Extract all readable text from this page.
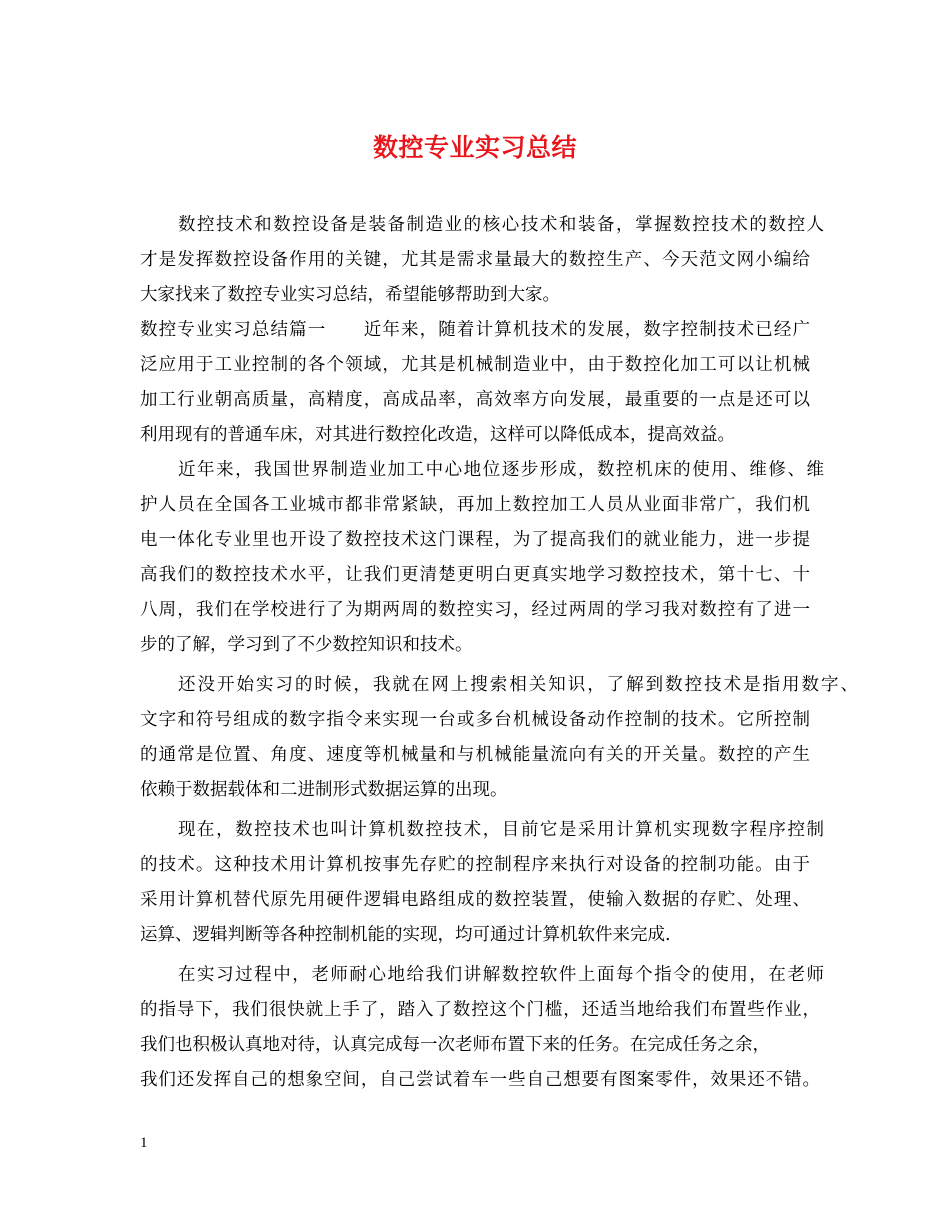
数控专业实习总结
数控技术和数控设备是装备制造业的核心技术和装备，掌握数控技术的数控人
才是发挥数控设备作用的关键，尤其是需求量最大的数控生产、今天范文网小编给
大家找来了数控专业实习总结，希望能够帮助到大家。
数控专业实习总结篇一　　近年来，随着计算机技术的发展，数字控制技术已经广
泛应用于工业控制的各个领域，尤其是机械制造业中，由于数控化加工可以让机械
加工行业朝高质量，高精度，高成品率，高效率方向发展，最重要的一点是还可以
利用现有的普通车床，对其进行数控化改造，这样可以降低成本，提高效益。
近年来，我国世界制造业加工中心地位逐步形成，数控机床的使用、维修、维
护人员在全国各工业城市都非常紧缺，再加上数控加工人员从业面非常广，我们机
电一体化专业里也开设了数控技术这门课程，为了提高我们的就业能力，进一步提
高我们的数控技术水平，让我们更清楚更明白更真实地学习数控技术，第十七、十
八周，我们在学校进行了为期两周的数控实习，经过两周的学习我对数控有了进一
步的了解，学习到了不少数控知识和技术。
还没开始实习的时候，我就在网上搜索相关知识，了解到数控技术是指用数字、
文字和符号组成的数字指令来实现一台或多台机械设备动作控制的技术。它所控制
的通常是位置、角度、速度等机械量和与机械能量流向有关的开关量。数控的产生
依赖于数据载体和二进制形式数据运算的出现。
现在，数控技术也叫计算机数控技术，目前它是采用计算机实现数字程序控制
的技术。这种技术用计算机按事先存贮的控制程序来执行对设备的控制功能。由于
采用计算机替代原先用硬件逻辑电路组成的数控装置，使输入数据的存贮、处理、
运算、逻辑判断等各种控制机能的实现，均可通过计算机软件来完成.
在实习过程中，老师耐心地给我们讲解数控软件上面每个指令的使用，在老师
的指导下，我们很快就上手了，踏入了数控这个门槛，还适当地给我们布置些作业，
我们也积极认真地对待，认真完成每一次老师布置下来的任务。在完成任务之余，
我们还发挥自己的想象空间，自己尝试着车一些自己想要有图案零件，效果还不错。
1
